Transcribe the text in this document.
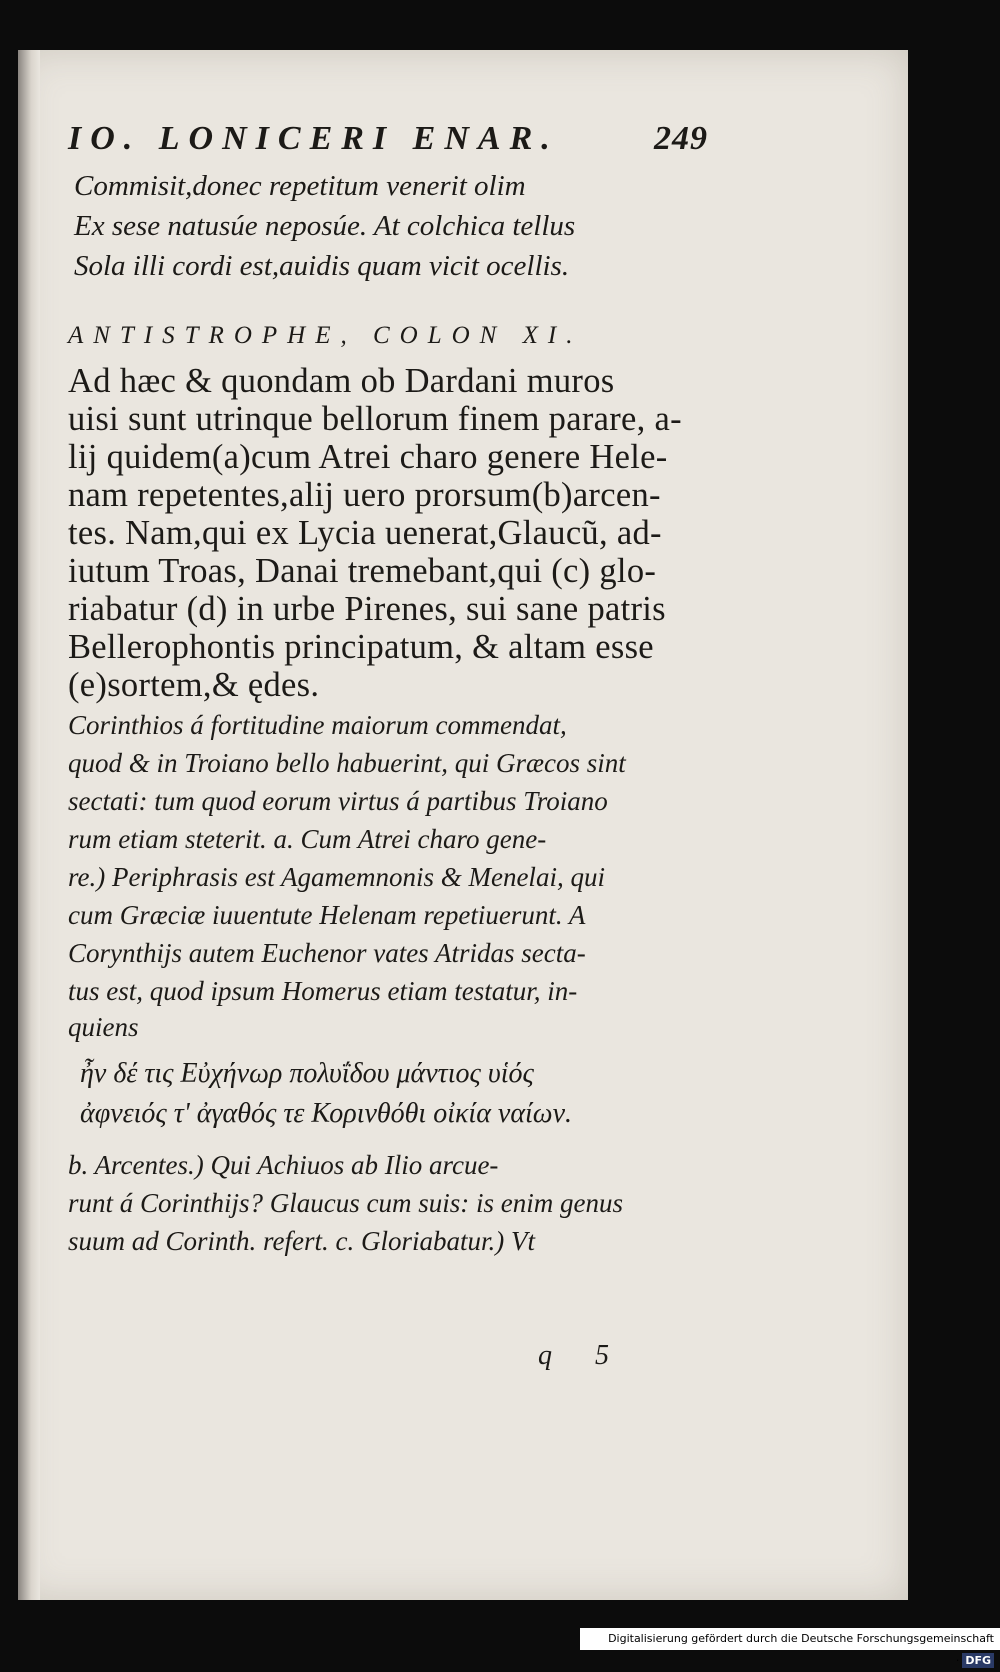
IO. LONICERI ENAR.	249
Commisit,donec repetitum venerit olim
Ex sese natusúe neposúe. At colchica tellus
Sola illi cordi est,auidis quam vicit ocellis.
ANTISTROPHE, COLON XI.
Ad hæc & quondam ob Dardani muros
uisi sunt utrinque bellorum finem parare, a-
lij quidem(a)cum Atrei charo genere Hele-
nam repetentes,alij uero prorsum(b)arcen-
tes. Nam,qui ex Lycia uenerat,Glaucũ, ad-
iutum Troas, Danai tremebant,qui (c) glo-
riabatur (d) in urbe Pirenes, sui sane patris
Bellerophontis principatum, & altam esse
(e)sortem,& ędes.
Corinthios á fortitudine maiorum commendat,
quod & in Troiano bello habuerint, qui Græcos sint
sectati: tum quod eorum virtus á partibus Troiano
rum etiam steterit. a. Cum Atrei charo gene-
re.) Periphrasis est Agamemnonis & Menelai, qui
cum Græciæ iuuentute Helenam repetiuerunt. A
Corynthijs autem Euchenor vates Atridas secta-
tus est, quod ipsum Homerus etiam testatur, in-
quiens
ἦν δέ τις Εὐχήνωρ πολυΐδου μάντιος υἱός
ἀφνειός τ' ἀγαθός τε Κορινθόθι οἰκία ναίων.
b. Arcentes.) Qui Achiuos ab Ilio arcue-
runt á Corinthijs? Glaucus cum suis: is enim genus
suum ad Corinth. refert. c. Gloriabatur.) Vt
q 5
Digitalisierung gefördert durch die Deutsche Forschungsgemeinschaft · DFG
